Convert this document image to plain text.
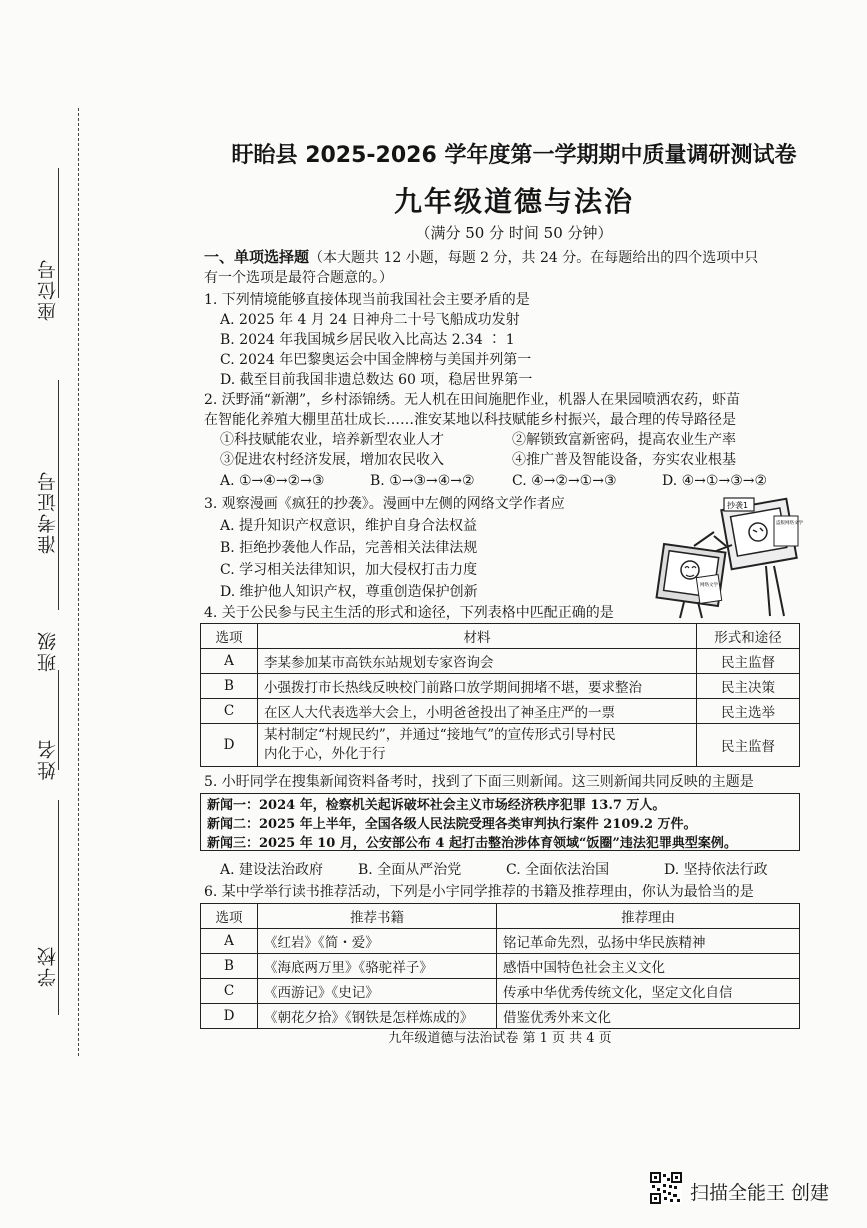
座位号
准考证号
班级
姓名
学校
盱眙县 2025-2026 学年度第一学期期中质量调研测试卷
九年级道德与法治
（满分 50 分 时间 50 分钟）
一、单项选择题（本大题共 12 小题，每题 2 分，共 24 分。在每题给出的四个选项中只
有一个选项是最符合题意的。）
1. 下列情境能够直接体现当前我国社会主要矛盾的是
A. 2025 年 4 月 24 日神舟二十号飞船成功发射
B. 2024 年我国城乡居民收入比高达 2.34 ∶ 1
C. 2024 年巴黎奥运会中国金牌榜与美国并列第一
D. 截至目前我国非遗总数达 60 项，稳居世界第一
2. 沃野涌“新潮”，乡村添锦绣。无人机在田间施肥作业，机器人在果园喷洒农药，虾苗
在智能化养殖大棚里茁壮成长……淮安某地以科技赋能乡村振兴，最合理的传导路径是
①科技赋能农业，培养新型农业人才	②解锁致富新密码，提高农业生产率
③促进农村经济发展，增加农民收入	④推广普及智能设备，夯实农业根基
A. ①→④→②→③	B. ①→③→④→②	C. ④→②→①→③	D. ④→①→③→②
3. 观察漫画《疯狂的抄袭》。漫画中左侧的网络文学作者应
A. 提升知识产权意识，维护自身合法权益
B. 拒绝抄袭他人作品，完善相关法律法规
C. 学习相关法律知识，加大侵权打击力度
D. 维护他人知识产权，尊重创造保护创新
抄袭1
盗版网络文学
网络文学
4. 关于公民参与民主生活的形式和途径，下列表格中匹配正确的是
选项	材料	形式和途径
A	李某参加某市高铁东站规划专家咨询会	民主监督
B	小强拨打市长热线反映校门前路口放学期间拥堵不堪，要求整治	民主决策
C	在区人大代表选举大会上，小明爸爸投出了神圣庄严的一票	民主选举
D	某村制定“村规民约”，并通过“接地气”的宣传形式引导村民
内化于心，外化于行	民主监督
5. 小盱同学在搜集新闻资料备考时，找到了下面三则新闻。这三则新闻共同反映的主题是
新闻一：2024 年，检察机关起诉破坏社会主义市场经济秩序犯罪 13.7 万人。
新闻二：2025 年上半年，全国各级人民法院受理各类审判执行案件 2109.2 万件。
新闻三：2025 年 10 月，公安部公布 4 起打击整治涉体育领域“饭圈”违法犯罪典型案例。
A. 建设法治政府 B. 全面从严治党	C. 全面依法治国	D. 坚持依法行政
6. 某中学举行读书推荐活动，下列是小宇同学推荐的书籍及推荐理由，你认为最恰当的是
选项	推荐书籍	推荐理由
A	《红岩》《简・爱》	铭记革命先烈，弘扬中华民族精神
B	《海底两万里》《骆驼祥子》	感悟中国特色社会主义文化
C	《西游记》《史记》	传承中华优秀传统文化，坚定文化自信
D	《朝花夕拾》《钢铁是怎样炼成的》	借鉴优秀外来文化
九年级道德与法治试卷 第 1 页 共 4 页
扫描全能王 创建
